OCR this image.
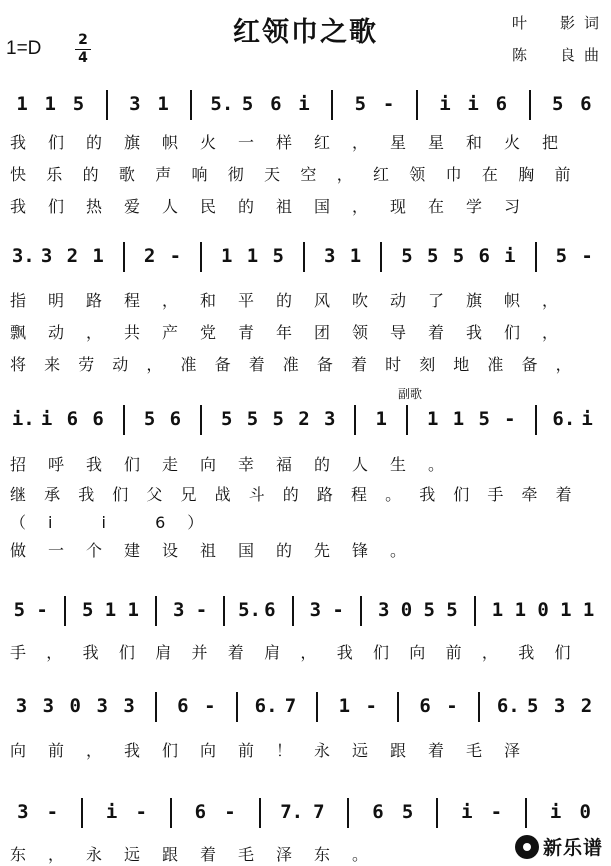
红领巾之歌
1=D	2
4
叶　影词
陈　良曲
1 1 5 3 1 5. 5 6 i 5 - i i 6 5 6
我们的旗帜火一样红，星星和火把
快乐的歌声响彻天空，红领巾在胸前
我们热爱人民的祖国，现在学习
3. 3 2 1 2 - 1 1 5 3 1 5 5 5 6 i 5 -
指明路程，和平的风吹动了旗帜，
飘动，共产党青年团领导着我们，
将来劳动，准备着准备着时刻地准备，
副歌
i. i 6 6 5 6 5 5 5 2 3 1 1 1 5 - 6. i
招呼我们走向幸福的人生。
继承我们父兄战斗的路程。我们手牵着
（i i 6）
做一个建设祖国的先锋。
5 - 5 1 1 3 - 5. 6 3 - 3 0 5 5 1 1 0 1 1
手，我们肩并着肩，我们向前，我们
3 3 0 3 3 6 - 6. 7 1 - 6 - 6. 5 3 2
向前，我们向前！永远跟着毛泽
3 -	i -	6 - 7. 7	6 5	i -	i 0
东，永远跟着毛泽东。	新乐谱
